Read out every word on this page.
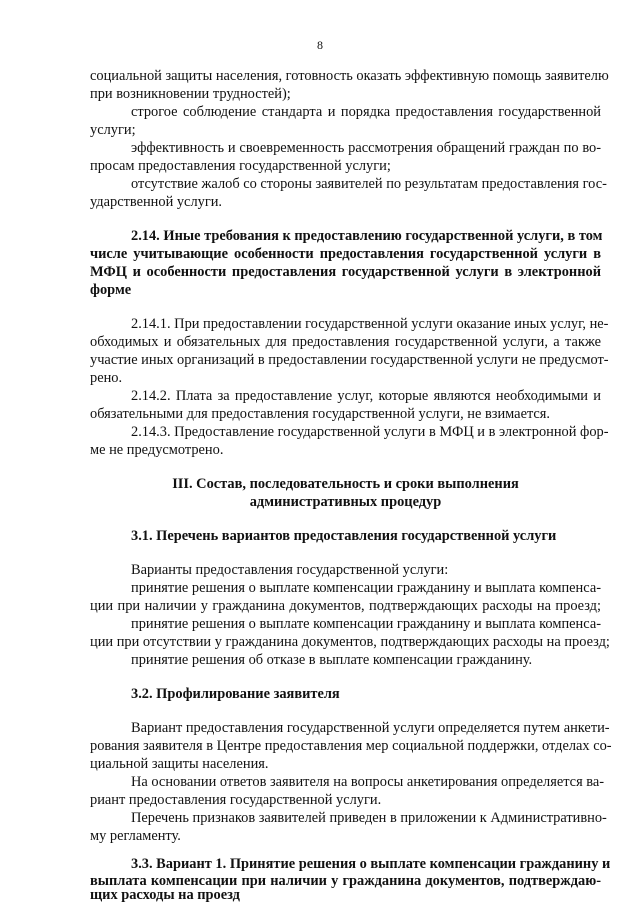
8
социальной защиты населения, готовность оказать эффективную помощь заявителю
при возникновении трудностей);
строгое соблюдение стандарта и порядка предоставления государственной
услуги;
эффективность и своевременность рассмотрения обращений граждан по во-
просам предоставления государственной услуги;
отсутствие жалоб со стороны заявителей по результатам предоставления гос-
ударственной услуги.
2.14. Иные требования к предоставлению государственной услуги, в том
числе учитывающие особенности предоставления государственной услуги в
МФЦ и особенности предоставления государственной услуги в электронной
форме
2.14.1. При предоставлении государственной услуги оказание иных услуг, не-
обходимых и обязательных для предоставления государственной услуги, а также
участие иных организаций в предоставлении государственной услуги не предусмот-
рено.
2.14.2. Плата за предоставление услуг, которые являются необходимыми и
обязательными для предоставления государственной услуги, не взимается.
2.14.3. Предоставление государственной услуги в МФЦ и в электронной фор-
ме не предусмотрено.
III. Состав, последовательность и сроки выполнения
административных процедур
3.1. Перечень вариантов предоставления государственной услуги
Варианты предоставления государственной услуги:
принятие решения о выплате компенсации гражданину и выплата компенса-
ции при наличии у гражданина документов, подтверждающих расходы на проезд;
принятие решения о выплате компенсации гражданину и выплата компенса-
ции при отсутствии у гражданина документов, подтверждающих расходы на проезд;
принятие решения об отказе в выплате компенсации гражданину.
3.2. Профилирование заявителя
Вариант предоставления государственной услуги определяется путем анкети-
рования заявителя в Центре предоставления мер социальной поддержки, отделах со-
циальной защиты населения.
На основании ответов заявителя на вопросы анкетирования определяется ва-
риант предоставления государственной услуги.
Перечень признаков заявителей приведен в приложении к Административно-
му регламенту.
3.3. Вариант 1. Принятие решения о выплате компенсации гражданину и
выплата компенсации при наличии у гражданина документов, подтверждаю-
щих расходы на проезд
